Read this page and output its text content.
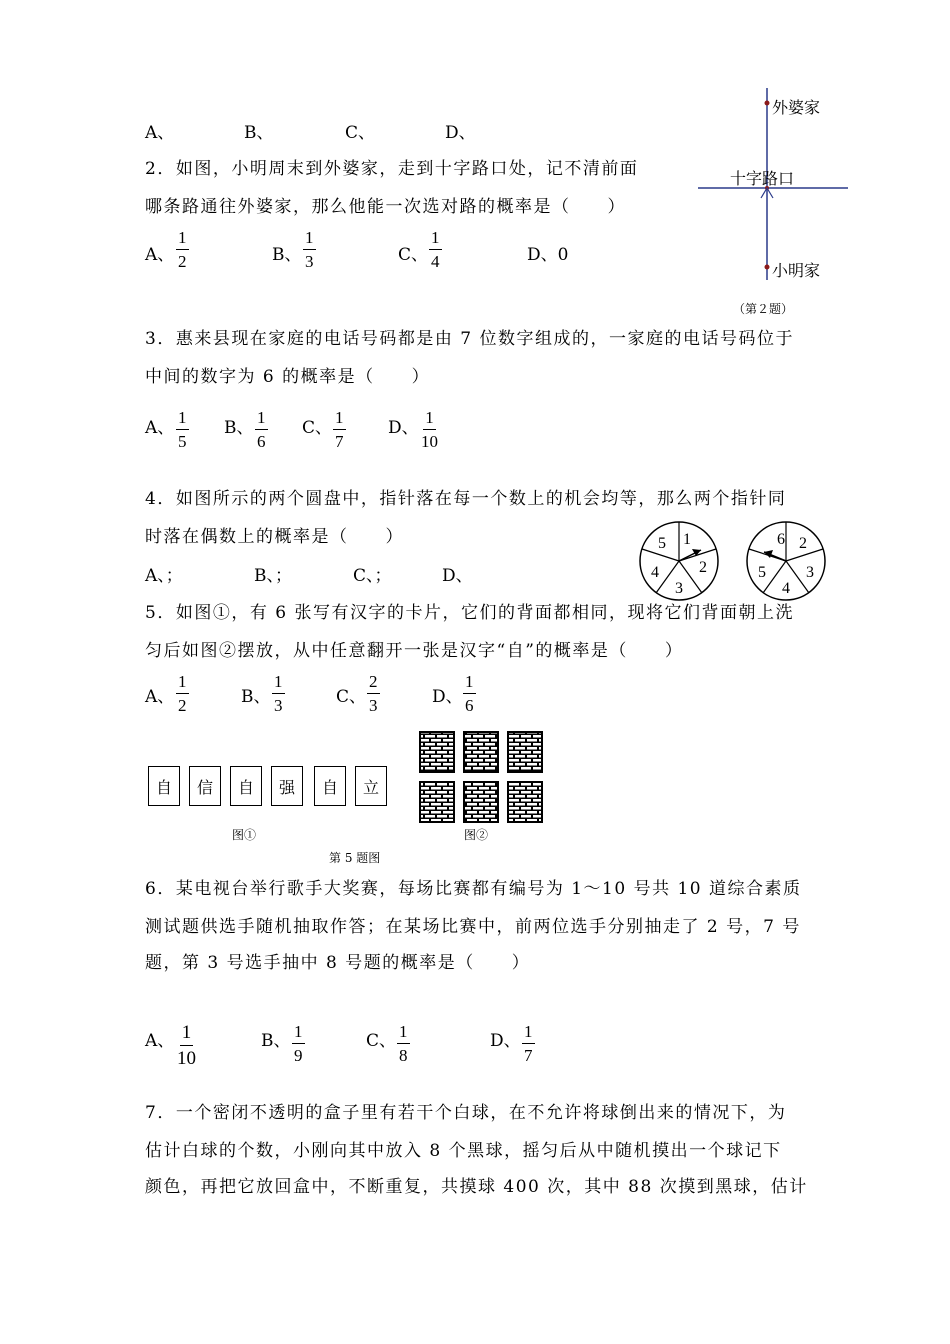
A、	B、	C、	D、
2．如图，小明周末到外婆家，走到十字路口处，记不清前面
哪条路通往外婆家，那么他能一次选对路的概率是（　　）
A、 $\frac{1}{2}$	B、 $\frac{1}{3}$	C、 $\frac{1}{4}$	D、0
外婆家
十字路口
小明家
（第２题）
3．惠来县现在家庭的电话号码都是由 7 位数字组成的，一家庭的电话号码位于
中间的数字为 6 的概率是（　　）
A、 $\frac{1}{5}$ B、 $\frac{1}{6}$ C、 $\frac{1}{7}$	D、 $\frac{1}{10}$
4．如图所示的两个圆盘中，指针落在每一个数上的机会均等，那么两个指针同
时落在偶数上的概率是（　　）
A、；	B、；	C、；	D、
1
2
3
4
5	2
3
4
5
6
5．如图①，有 6 张写有汉字的卡片，它们的背面都相同，现将它们背面朝上洗
匀后如图②摆放，从中任意翻开一张是汉字“自”的概率是（　　）
A、 $\frac{1}{2}$	B、 $\frac{1}{3}$	C、 $\frac{2}{3}$	D、 $\frac{1}{6}$
自	信	自	强	自	立
图①	图②
第 5 题图
6．某电视台举行歌手大奖赛，每场比赛都有编号为 1～10 号共 10 道综合素质
测试题供选手随机抽取作答；在某场比赛中，前两位选手分别抽走了 2 号，7 号
题，第 3 号选手抽中 8 号题的概率是（　　）
A、 $\frac{1}{10}$	B、 $\frac{1}{9}$	C、 $\frac{1}{8}$	D、 $\frac{1}{7}$
7．一个密闭不透明的盒子里有若干个白球，在不允许将球倒出来的情况下，为
估计白球的个数，小刚向其中放入 8 个黑球，摇匀后从中随机摸出一个球记下
颜色，再把它放回盒中，不断重复，共摸球 400 次，其中 88 次摸到黑球，估计
